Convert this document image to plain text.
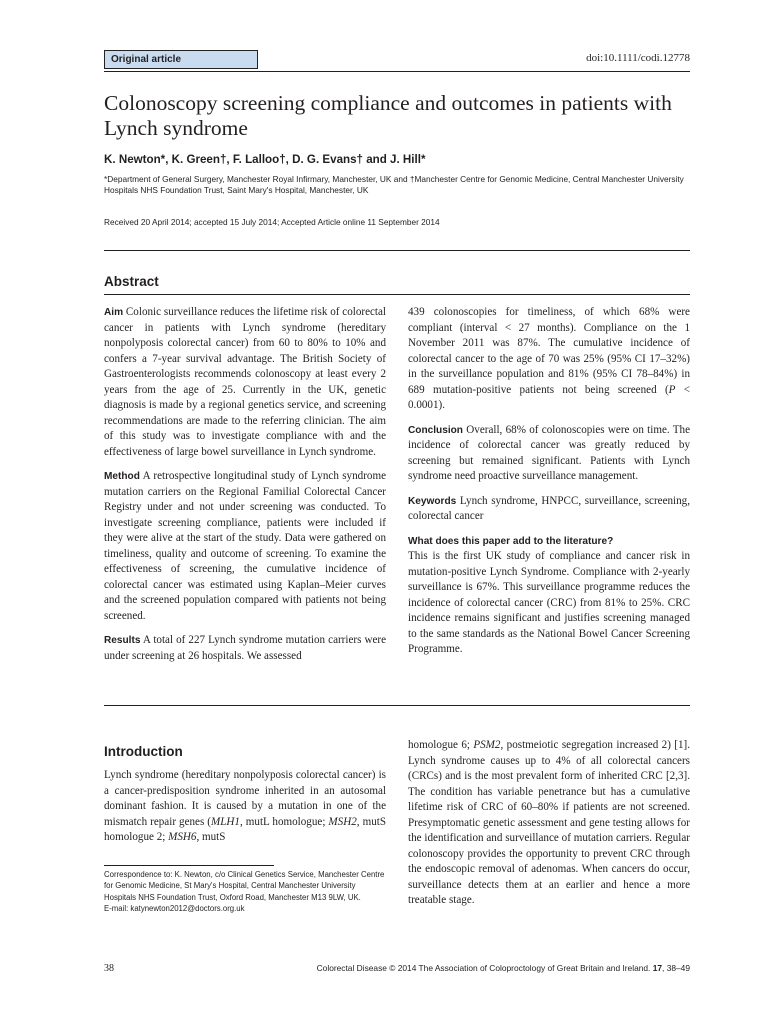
Original article	doi:10.1111/codi.12778
Colonoscopy screening compliance and outcomes in patients with Lynch syndrome
K. Newton*, K. Green†, F. Lalloo†, D. G. Evans† and J. Hill*
*Department of General Surgery, Manchester Royal Infirmary, Manchester, UK and †Manchester Centre for Genomic Medicine, Central Manchester University Hospitals NHS Foundation Trust, Saint Mary's Hospital, Manchester, UK
Received 20 April 2014; accepted 15 July 2014; Accepted Article online 11 September 2014
Abstract

Aim Colonic surveillance reduces the lifetime risk of colorectal cancer in patients with Lynch syndrome (hereditary nonpolyposis colorectal cancer) from 60 to 80% to 10% and confers a 7-year survival advantage. The British Society of Gastroenterologists recommends colonoscopy at least every 2 years from the age of 25. Currently in the UK, genetic diagnosis is made by a regional genetics service, and screening recommendations are made to the referring clinician. The aim of this study was to investigate compliance with and the effectiveness of large bowel surveillance in Lynch syndrome.

Method A retrospective longitudinal study of Lynch syndrome mutation carriers on the Regional Familial Colorectal Cancer Registry under and not under screening was conducted. To investigate screening compliance, patients were included if they were alive at the start of the study. Data were gathered on timeliness, quality and outcome of screening. To examine the effectiveness of screening, the cumulative incidence of colorectal cancer was estimated using Kaplan–Meier curves and the screened population compared with patients not being screened.

Results A total of 227 Lynch syndrome mutation carriers were under screening at 26 hospitals. We assessed

439 colonoscopies for timeliness, of which 68% were compliant (interval < 27 months). Compliance on the 1 November 2011 was 87%. The cumulative incidence of colorectal cancer to the age of 70 was 25% (95% CI 17–32%) in the surveillance population and 81% (95% CI 78–84%) in 689 mutation-positive patients not being screened (P < 0.0001).

Conclusion Overall, 68% of colonoscopies were on time. The incidence of colorectal cancer was greatly reduced by screening but remained significant. Patients with Lynch syndrome need proactive surveillance management.

Keywords Lynch syndrome, HNPCC, surveillance, screening, colorectal cancer

What does this paper add to the literature?
This is the first UK study of compliance and cancer risk in mutation-positive Lynch Syndrome. Compliance with 2-yearly surveillance is 67%. This surveillance programme reduces the incidence of colorectal cancer (CRC) from 81% to 25%. CRC incidence remains significant and justifies screening managed to the same standards as the National Bowel Cancer Screening Programme.

Introduction

Lynch syndrome (hereditary nonpolyposis colorectal cancer) is a cancer-predisposition syndrome inherited in an autosomal dominant fashion. It is caused by a mutation in one of the mismatch repair genes (MLH1, mutL homologue; MSH2, mutS homologue 2; MSH6, mutS

homologue 6; PSM2, postmeiotic segregation increased 2) [1]. Lynch syndrome causes up to 4% of all colorectal cancers (CRCs) and is the most prevalent form of inherited CRC [2,3]. The condition has variable penetrance but has a cumulative lifetime risk of CRC of 60–80% if patients are not screened. Presymptomatic genetic assessment and gene testing allows for the identification and surveillance of mutation carriers. Regular colonoscopy provides the opportunity to prevent CRC through the endoscopic removal of adenomas. When cancers do occur, surveillance detects them at an earlier and hence a more treatable stage.

Correspondence to: K. Newton, c/o Clinical Genetics Service, Manchester Centre for Genomic Medicine, St Mary's Hospital, Central Manchester University Hospitals NHS Foundation Trust, Oxford Road, Manchester M13 9LW, UK.
E-mail: katynewton2012@doctors.org.uk
38	Colorectal Disease © 2014 The Association of Coloproctology of Great Britain and Ireland. 17, 38–49
